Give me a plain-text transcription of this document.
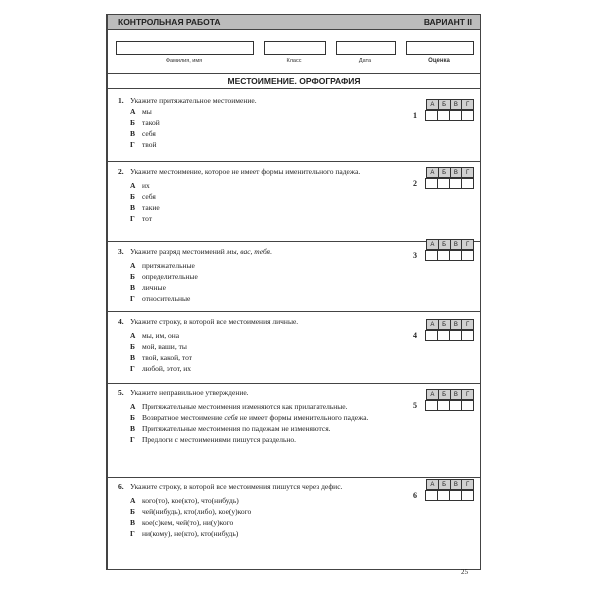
КОНТРОЛЬНАЯ РАБОТА	ВАРИАНТ II
Фамилия, имя	Класс	Дата	Оценка
МЕСТОИМЕНИЕ. ОРФОГРАФИЯ
1. Укажите притяжательное местоимение.
А мы
Б такой
В себя
Г твой
А	Б	В	Г
1
2. Укажите местоимение, которое не имеет формы именительного падежа.
А их
Б себя
В такие
Г тот
А	Б	В	Г
2
3. Укажите разряд местоимений мы, вас, тебя.
А притяжательные
Б определительные
В личные
Г относительные
А	Б	В	Г
3
4. Укажите строку, в которой все местоимения личные.
А мы, им, она
Б мой, ваши, ты
В твой, какой, тот
Г любой, этот, их
А	Б	В	Г
4
5. Укажите неправильное утверждение.
А Притяжательные местоимения изменяются как прилагательные.
Б Возвратное местоимение себя не имеет формы именительного падежа.
В Притяжательные местоимения по падежам не изменяются.
Г Предлоги с местоимениями пишутся раздельно.
А	Б	В	Г
5
6. Укажите строку, в которой все местоимения пишутся через дефис.
А кого(то), кое(кто), что(нибудь)
Б чей(нибудь), кто(либо), кое(у)кого
В кое(с)кем, чей(то), ни(у)кого
Г ни(кому), не(кто), кто(нибудь)
А	Б	В	Г
6
25
